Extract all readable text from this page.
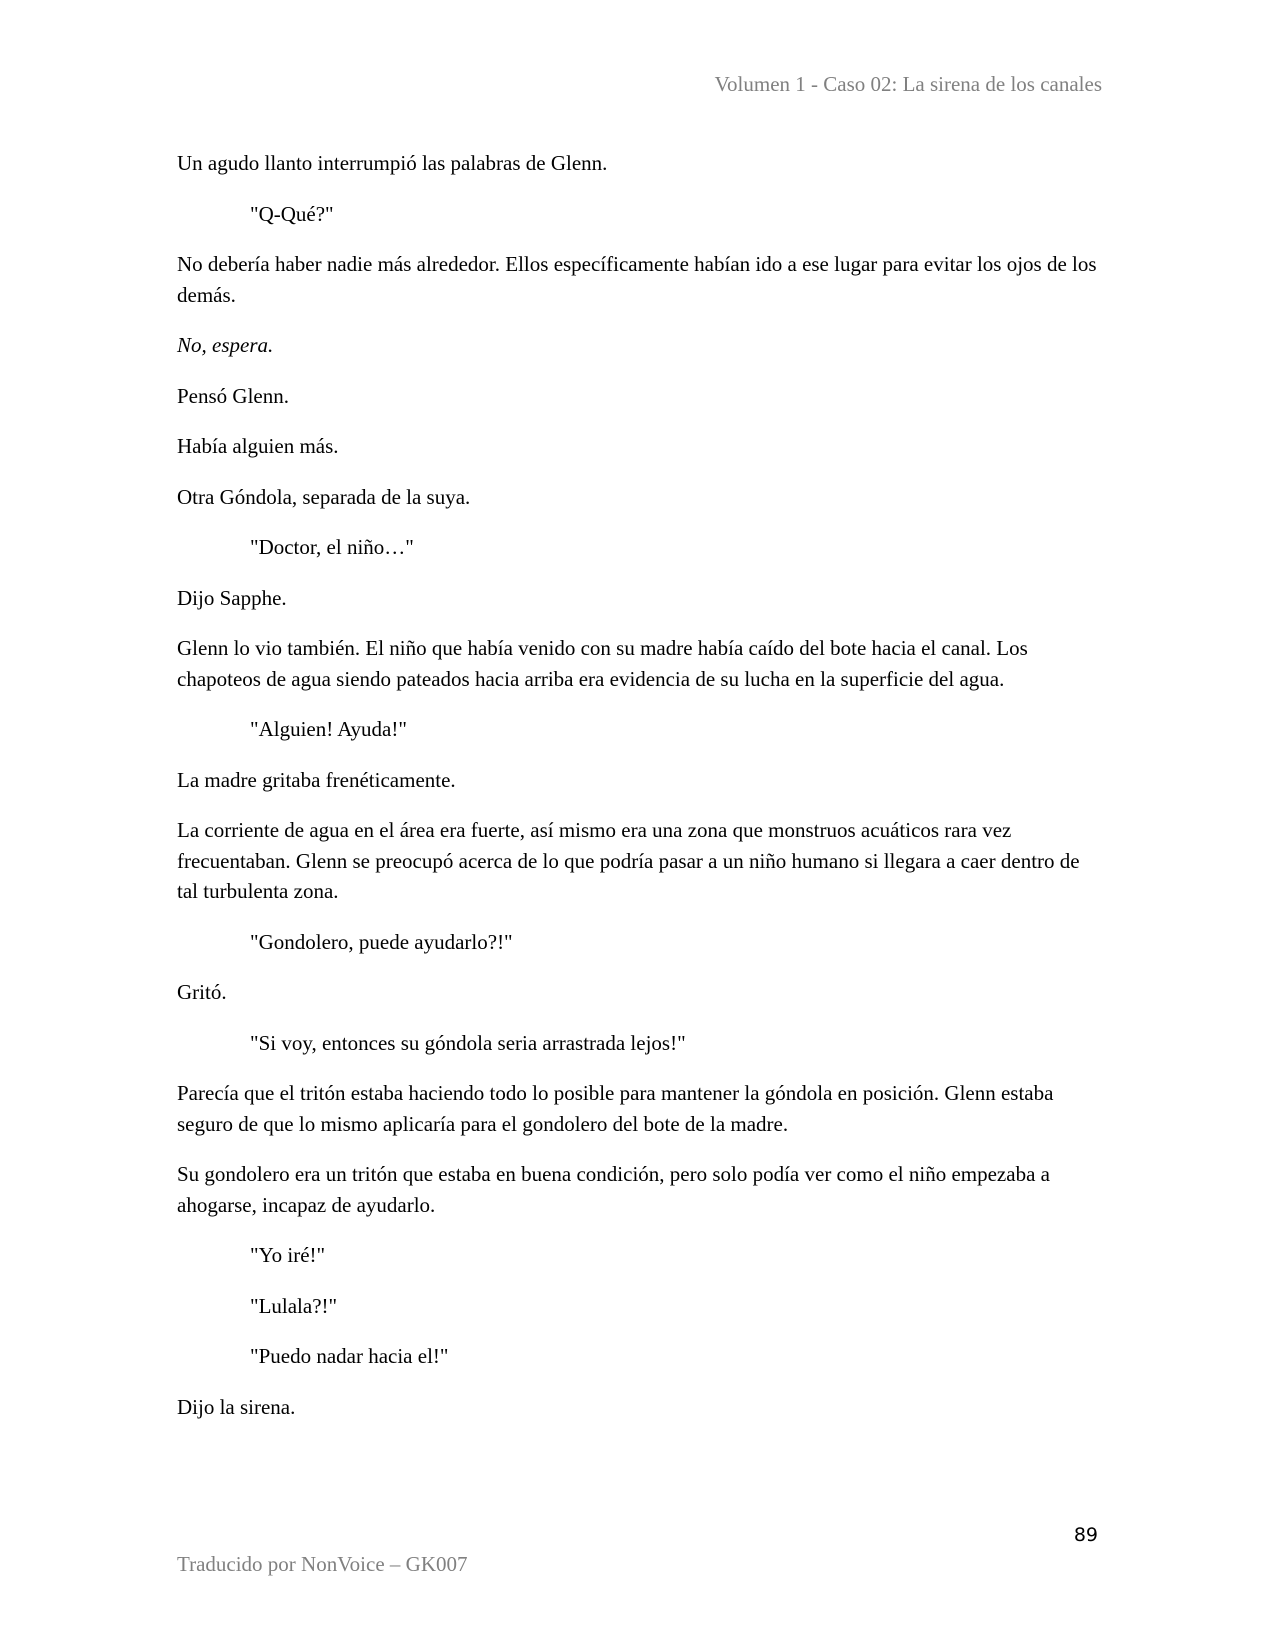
Volumen 1 - Caso 02: La sirena de los canales

Un agudo llanto interrumpió las palabras de Glenn.

"Q-Qué?"

No debería haber nadie más alrededor. Ellos específicamente habían ido a ese lugar para evitar los ojos de los demás.

No, espera.

Pensó Glenn.

Había alguien más.

Otra Góndola, separada de la suya.

"Doctor, el niño…"

Dijo Sapphe.

Glenn lo vio también. El niño que había venido con su madre había caído del bote hacia el canal. Los chapoteos de agua siendo pateados hacia arriba era evidencia de su lucha en la superficie del agua.

"Alguien! Ayuda!"

La madre gritaba frenéticamente.

La corriente de agua en el área era fuerte, así mismo era una zona que monstruos acuáticos rara vez frecuentaban. Glenn se preocupó acerca de lo que podría pasar a un niño humano si llegara a caer dentro de tal turbulenta zona.

"Gondolero, puede ayudarlo?!"

Gritó.

"Si voy, entonces su góndola seria arrastrada lejos!"

Parecía que el tritón estaba haciendo todo lo posible para mantener la góndola en posición. Glenn estaba seguro de que lo mismo aplicaría para el gondolero del bote de la madre.

Su gondolero era un tritón que estaba en buena condición, pero solo podía ver como el niño empezaba a ahogarse, incapaz de ayudarlo.

"Yo iré!"

"Lulala?!"

"Puedo nadar hacia el!"

Dijo la sirena.

89
Traducido por NonVoice – GK007
